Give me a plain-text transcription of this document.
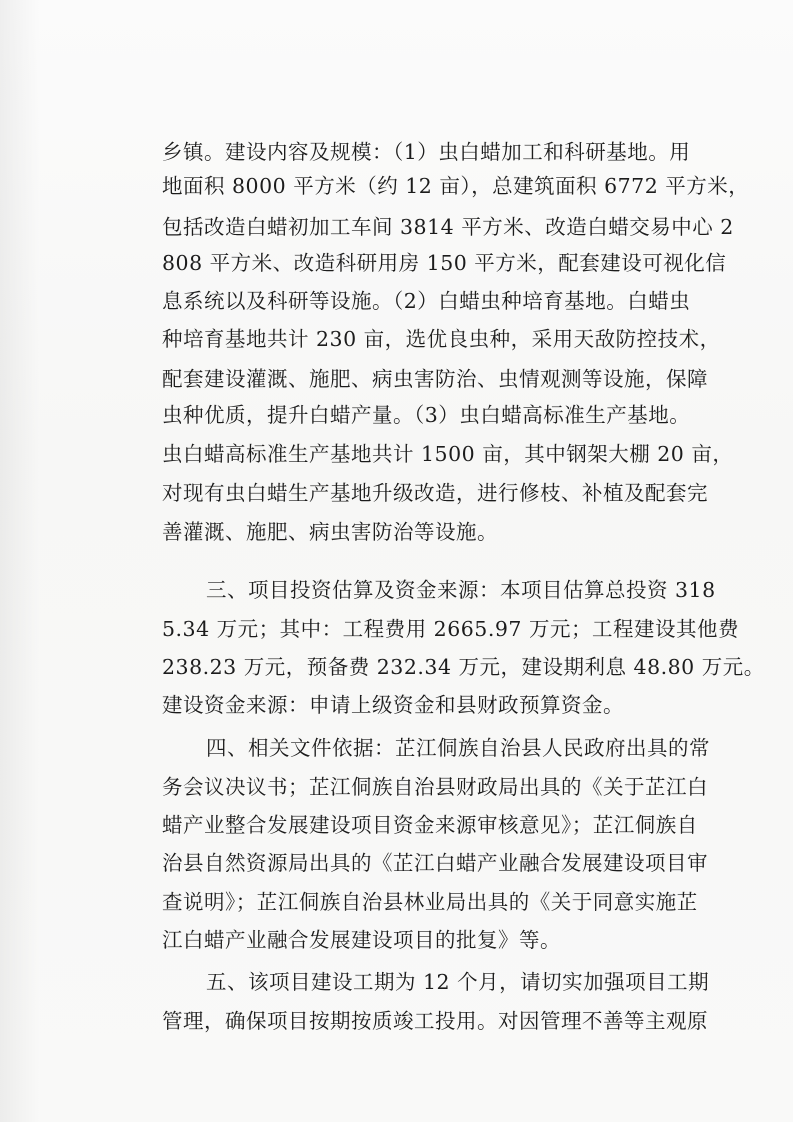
乡镇。建设内容及规模：（1）虫白蜡加工和科研基地。用
地面积 8000 平方米（约 12 亩），总建筑面积 6772 平方米，
包括改造白蜡初加工车间 3814 平方米、改造白蜡交易中心 2
808 平方米、改造科研用房 150 平方米，配套建设可视化信
息系统以及科研等设施。（2）白蜡虫种培育基地。白蜡虫
种培育基地共计 230 亩，选优良虫种，采用天敌防控技术，
配套建设灌溉、施肥、病虫害防治、虫情观测等设施，保障
虫种优质，提升白蜡产量。（3）虫白蜡高标准生产基地。
虫白蜡高标准生产基地共计 1500 亩，其中钢架大棚 20 亩，
对现有虫白蜡生产基地升级改造，进行修枝、补植及配套完
善灌溉、施肥、病虫害防治等设施。
三、项目投资估算及资金来源：本项目估算总投资 318
5.34 万元；其中：工程费用 2665.97 万元；工程建设其他费
238.23 万元，预备费 232.34 万元，建设期利息 48.80 万元。
建设资金来源：申请上级资金和县财政预算资金。
四、相关文件依据：芷江侗族自治县人民政府出具的常
务会议决议书；芷江侗族自治县财政局出具的《关于芷江白
蜡产业整合发展建设项目资金来源审核意见》；芷江侗族自
治县自然资源局出具的《芷江白蜡产业融合发展建设项目审
查说明》；芷江侗族自治县林业局出具的《关于同意实施芷
江白蜡产业融合发展建设项目的批复》等。
五、该项目建设工期为 12 个月，请切实加强项目工期
管理，确保项目按期按质竣工投用。对因管理不善等主观原
